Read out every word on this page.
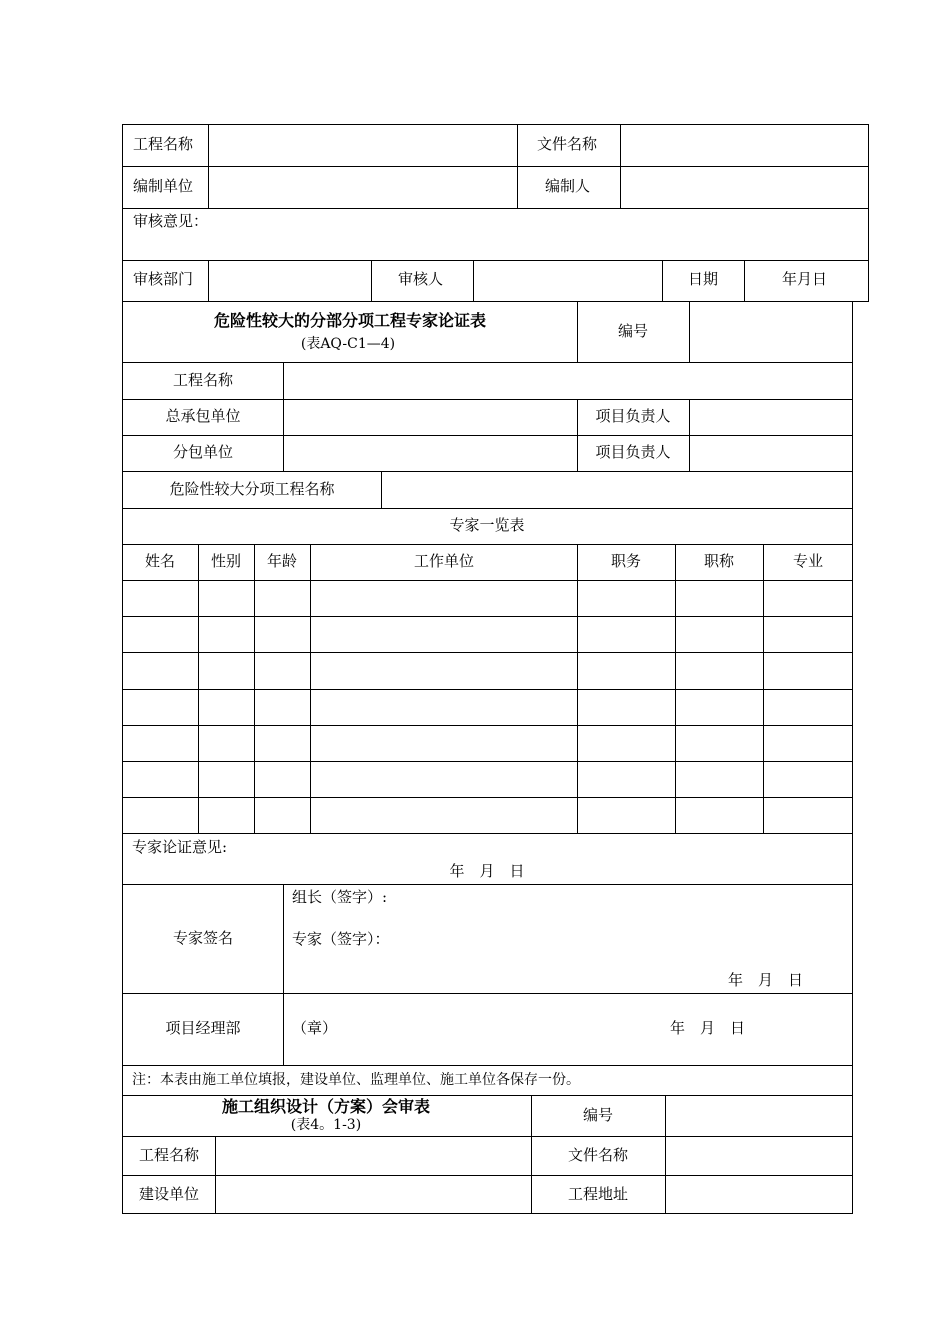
工程名称	文件名称
编制单位	编制人
审核意见：
审核部门	审核人	日期	年月日
危险性较大的分部分项工程专家论证表
(表AQ-C1—4)
编号
工程名称
总承包单位	项目负责人
分包单位	项目负责人
危险性较大分项工程名称
专家一览表
姓名 性别 年龄	工作单位	职务	职称	专业
专家论证意见:
年　月　日
专家签名
组长（签字）:
专家（签字）：
年　月　日
项目经理部	（章）	年　月　日
注：本表由施工单位填报，建设单位、监理单位、施工单位各保存一份。
施工组织设计（方案）会审表
(表4。1-3)
编号
工程名称	文件名称
建设单位	工程地址
